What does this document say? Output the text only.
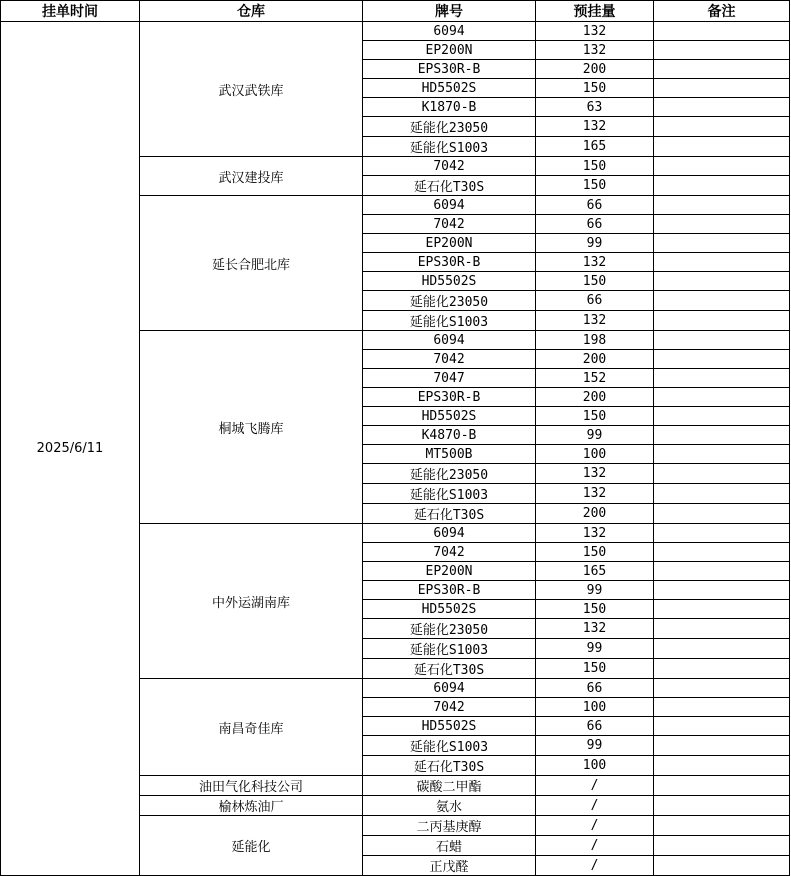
挂单时间	仓库	牌号	预挂量	备注
2025/6/11	武汉武铁库	6094	132	
		EP200N	132	
		EPS30R-B	200	
		HD5502S	150	
		K1870-B	63	
		延能化23050	132	
		延能化S1003	165	
	武汉建投库	7042	150	
		延石化T30S	150	
	延长合肥北库	6094	66	
		7042	66	
		EP200N	99	
		EPS30R-B	132	
		HD5502S	150	
		延能化23050	66	
		延能化S1003	132	
	桐城飞腾库	6094	198	
		7042	200	
		7047	152	
		EPS30R-B	200	
		HD5502S	150	
		K4870-B	99	
		MT500B	100	
		延能化23050	132	
		延能化S1003	132	
		延石化T30S	200	
	中外运湖南库	6094	132	
		7042	150	
		EP200N	165	
		EPS30R-B	99	
		HD5502S	150	
		延能化23050	132	
		延能化S1003	99	
		延石化T30S	150	
	南昌奇佳库	6094	66	
		7042	100	
		HD5502S	66	
		延能化S1003	99	
		延石化T30S	100	
	油田气化科技公司	碳酸二甲酯	/	
	榆林炼油厂	氨水	/	
	延能化	二丙基庚醇	/	
		石蜡	/	
		正戊醛	/	
